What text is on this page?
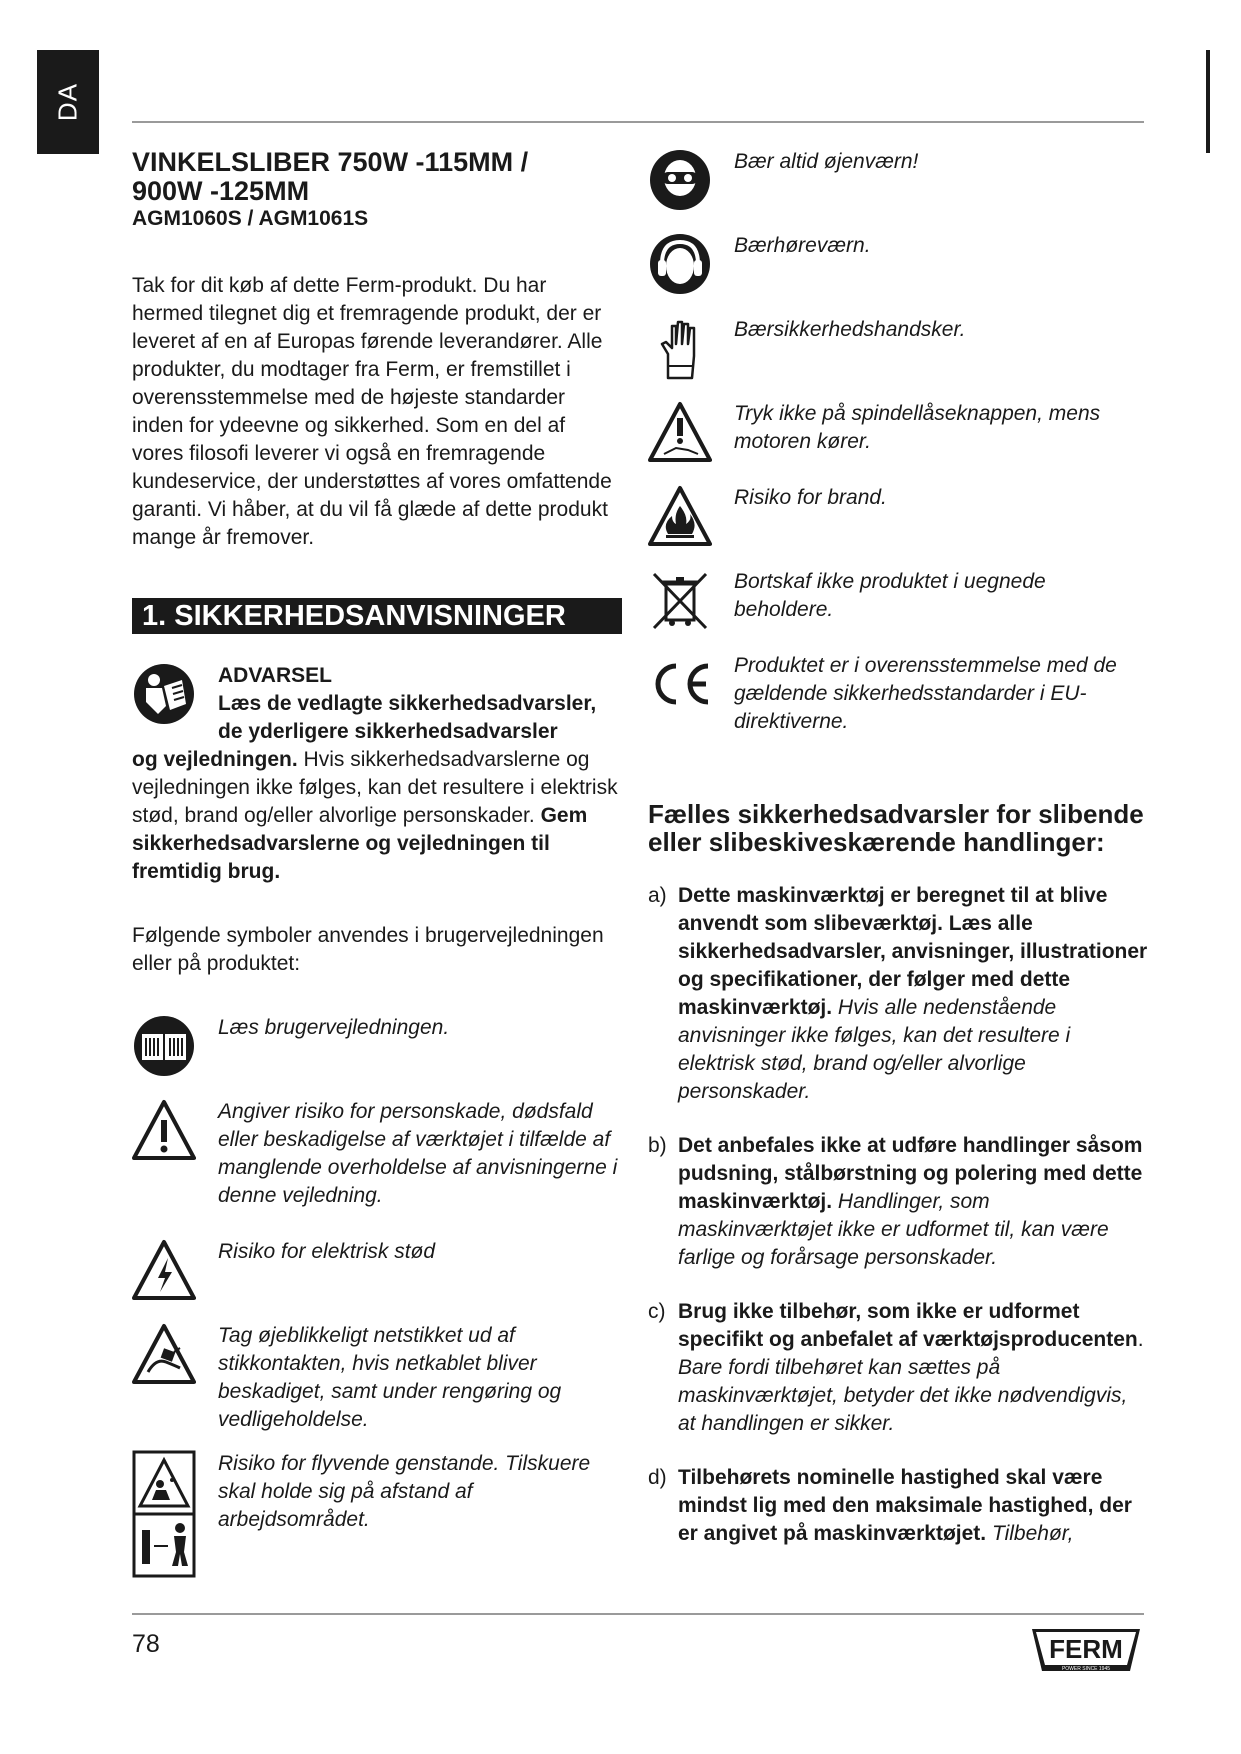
DA

VINKELSLIBER 750W -115MM /

900W -125MM

AGM1060S / AGM1061S

Tak for dit køb af dette Ferm-produkt. Du har hermed tilegnet dig et fremragende produkt, der er leveret af en af Europas førende leverandører. Alle produkter, du modtager fra Ferm, er fremstillet i overensstemmelse med de højeste standarder inden for ydeevne og sikkerhed. Som en del af vores filosofi leverer vi også en fremragende kundeservice, der understøttes af vores omfattende garanti. Vi håber, at du vil få glæde af dette produkt mange år fremover.

1. SIKKERHEDSANVISNINGER

ADVARSEL
Læs de vedlagte sikkerhedsadvarsler,
de yderligere sikkerhedsadvarsler
og vejledningen. Hvis sikkerhedsadvarslerne og vejledningen ikke følges, kan det resultere i elektrisk stød, brand og/eller alvorlige personskader. Gem sikkerhedsadvarslerne og vejledningen til fremtidig brug.

Følgende symboler anvendes i brugervejledningen eller på produktet:

Læs brugervejledningen.

Angiver risiko for personskade, dødsfald eller beskadigelse af værktøjet i tilfælde af manglende overholdelse af anvisningerne i denne vejledning.

Risiko for elektrisk stød

Tag øjeblikkeligt netstikket ud af stikkontakten, hvis netkablet bliver beskadiget, samt under rengøring og vedligeholdelse.

Risiko for flyvende genstande. Tilskuere skal holde sig på afstand af arbejdsområdet.

Bær altid øjenværn!

Bærhøreværn.

Bærsikkerhedshandsker.

Tryk ikke på spindellåseknappen, mens motoren kører.

Risiko for brand.

Bortskaf ikke produktet i uegnede beholdere.

Produktet er i overensstemmelse med de gældende sikkerhedsstandarder i EU-direktiverne.

Fælles sikkerhedsadvarsler for slibende eller slibeskiveskærende handlinger:

a) Dette maskinværktøj er beregnet til at blive anvendt som slibeværktøj. Læs alle sikkerhedsadvarsler, anvisninger, illustrationer og specifikationer, der følger med dette maskinværktøj. Hvis alle nedenstående anvisninger ikke følges, kan det resultere i elektrisk stød, brand og/eller alvorlige personskader.
b) Det anbefales ikke at udføre handlinger såsom pudsning, stålbørstning og polering med dette maskinværktøj. Handlinger, som maskinværktøjet ikke er udformet til, kan være farlige og forårsage personskader.
c) Brug ikke tilbehør, som ikke er udformet specifikt og anbefalet af værktøjsproducenten. Bare fordi tilbehøret kan sættes på maskinværktøjet, betyder det ikke nødvendigvis, at handlingen er sikker.
d) Tilbehørets nominelle hastighed skal være mindst lig med den maksimale hastighed, der er angivet på maskinværktøjet. Tilbehør,
78	FERM
POWER SINCE 1945
